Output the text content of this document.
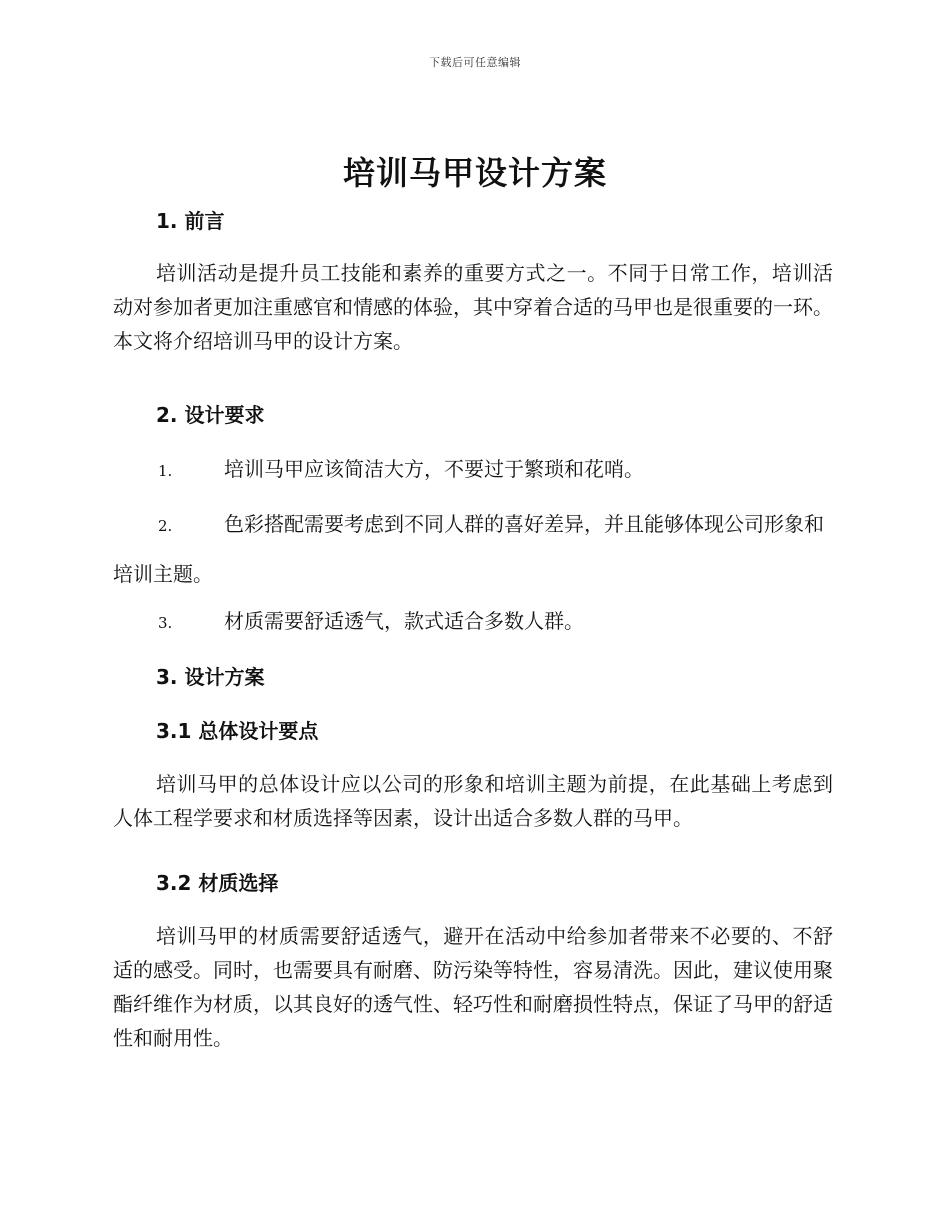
下载后可任意编辑
培训马甲设计方案
1. 前言

培训活动是提升员工技能和素养的重要方式之一。不同于日常工作，培训活动对参加者更加注重感官和情感的体验，其中穿着合适的马甲也是很重要的一环。本文将介绍培训马甲的设计方案。

2. 设计要求

1.	培训马甲应该简洁大方，不要过于繁琐和花哨。

2.	色彩搭配需要考虑到不同人群的喜好差异，并且能够体现公司形象和培训主题。

3.	材质需要舒适透气，款式适合多数人群。

3. 设计方案
3.1 总体设计要点

培训马甲的总体设计应以公司的形象和培训主题为前提，在此基础上考虑到人体工程学要求和材质选择等因素，设计出适合多数人群的马甲。

3.2 材质选择

培训马甲的材质需要舒适透气，避开在活动中给参加者带来不必要的、不舒适的感受。同时，也需要具有耐磨、防污染等特性，容易清洗。因此，建议使用聚酯纤维作为材质，以其良好的透气性、轻巧性和耐磨损性特点，保证了马甲的舒适性和耐用性。
